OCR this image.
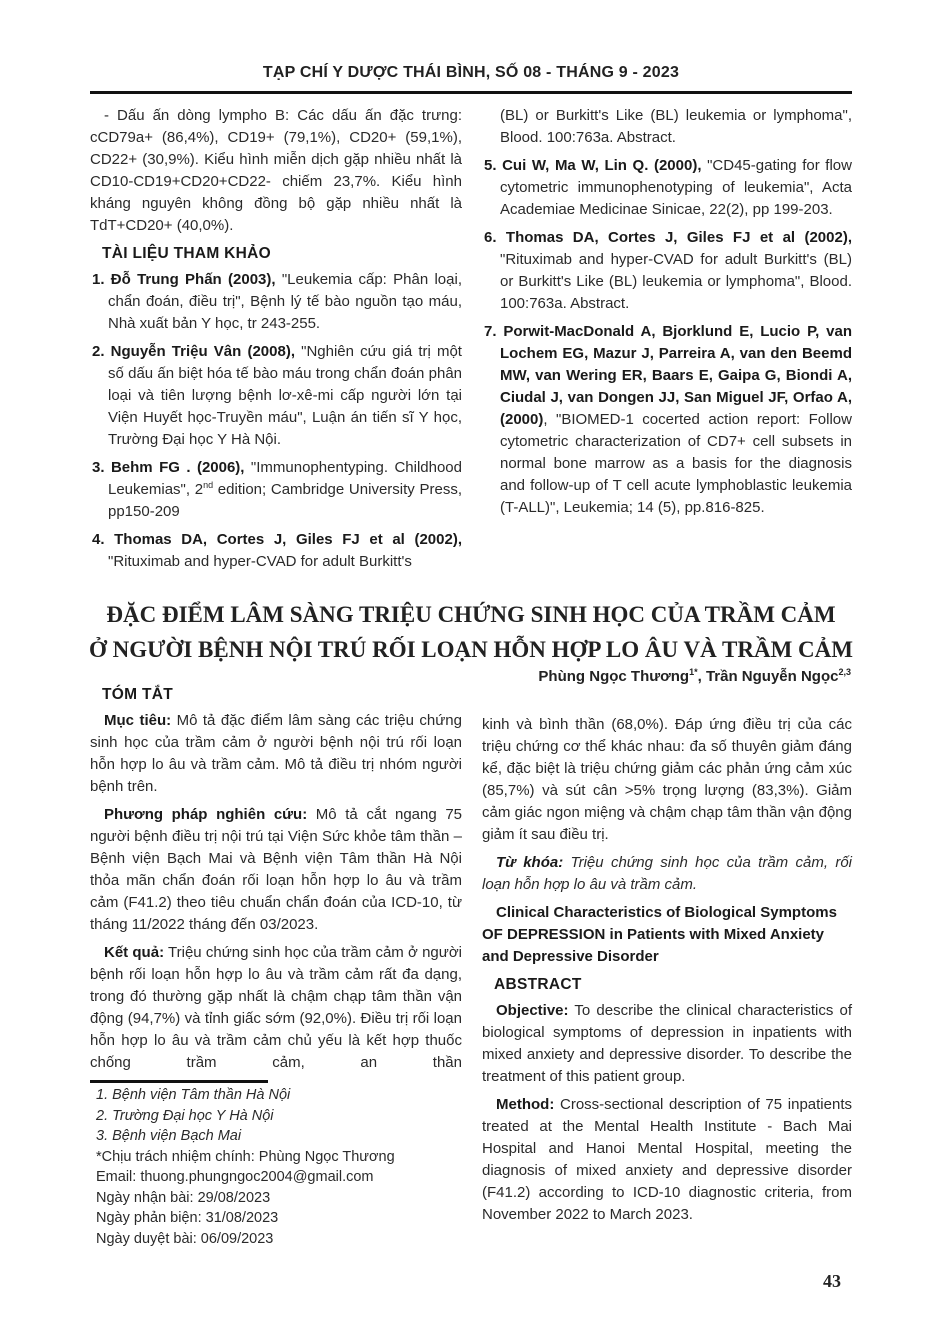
TẠP CHÍ Y DƯỢC THÁI BÌNH, SỐ 08 - THÁNG 9 - 2023

- Dấu ấn dòng lympho B: Các dấu ấn đặc trưng: cCD79a+ (86,4%), CD19+ (79,1%), CD20+ (59,1%), CD22+ (30,9%). Kiểu hình miễn dịch gặp nhiều nhất là CD10-CD19+CD20+CD22- chiếm 23,7%. Kiểu hình kháng nguyên không đồng bộ gặp nhiều nhất là TdT+CD20+ (40,0%).

TÀI LIỆU THAM KHẢO

1. Đỗ Trung Phấn (2003), "Leukemia cấp: Phân loại, chẩn đoán, điều trị", Bệnh lý tế bào nguồn tạo máu, Nhà xuất bản Y học, tr 243-255.

2. Nguyễn Triệu Vân (2008), "Nghiên cứu giá trị một số dấu ấn biệt hóa tế bào máu trong chẩn đoán phân loại và tiên lượng bệnh lơ-xê-mi cấp người lớn tại Viện Huyết học-Truyền máu", Luận án tiến sĩ Y học, Trường Đại học Y Hà Nội.

3. Behm FG . (2006), "Immunophentyping. Childhood Leukemias", 2nd edition; Cambridge University Press, pp150-209

4. Thomas DA, Cortes J, Giles FJ et al (2002), "Rituximab and hyper-CVAD for adult Burkitt's

(BL) or Burkitt's Like (BL) leukemia or lymphoma", Blood. 100:763a. Abstract.

5. Cui W, Ma W, Lin Q. (2000), "CD45-gating for flow cytometric immunophenotyping of leukemia", Acta Academiae Medicinae Sinicae, 22(2), pp 199-203.

6. Thomas DA, Cortes J, Giles FJ et al (2002), "Rituximab and hyper-CVAD for adult Burkitt's (BL) or Burkitt's Like (BL) leukemia or lymphoma", Blood. 100:763a. Abstract.

7. Porwit-MacDonald A, Bjorklund E, Lucio P, van Lochem EG, Mazur J, Parreira A, van den Beemd MW, van Wering ER, Baars E, Gaipa G, Biondi A, Ciudal J, van Dongen JJ, San Miguel JF, Orfao A, (2000), "BIOMED-1 cocerted action report: Follow cytometric characterization of CD7+ cell subsets in normal bone marrow as a basis for the diagnosis and follow-up of T cell acute lymphoblastic leukemia (T-ALL)", Leukemia; 14 (5), pp.816-825.

ĐẶC ĐIỂM LÂM SÀNG TRIỆU CHỨNG SINH HỌC CỦA TRẦM CẢM
Ở NGƯỜI BỆNH NỘI TRÚ RỐI LOẠN HỖN HỢP LO ÂU VÀ TRẦM CẢM
Phùng Ngọc Thương$^{1*}$, Trần Nguyễn Ngọc$^{2,3}$
TÓM TẮT

Mục tiêu: Mô tả đặc điểm lâm sàng các triệu chứng sinh học của trầm cảm ở người bệnh nội trú rối loạn hỗn hợp lo âu và trầm cảm. Mô tả điều trị nhóm người bệnh trên.

Phương pháp nghiên cứu: Mô tả cắt ngang 75 người bệnh điều trị nội trú tại Viện Sức khỏe tâm thần – Bệnh viện Bạch Mai và Bệnh viện Tâm thần Hà Nội thỏa mãn chẩn đoán rối loạn hỗn hợp lo âu và trầm cảm (F41.2) theo tiêu chuẩn chẩn đoán của ICD-10, từ tháng 11/2022 tháng đến 03/2023.

Kết quả: Triệu chứng sinh học của trầm cảm ở người bệnh rối loạn hỗn hợp lo âu và trầm cảm rất đa dạng, trong đó thường gặp nhất là chậm chạp tâm thần vận động (94,7%) và tỉnh giấc sớm (92,0%). Điều trị rối loạn hỗn hợp lo âu và trầm cảm chủ yếu là kết hợp thuốc chống trầm cảm, an thần

1. Bệnh viện Tâm thần Hà Nội
2. Trường Đại học Y Hà Nội
3. Bệnh viện Bạch Mai
*Chịu trách nhiệm chính: Phùng Ngọc Thương
Email: thuong.phungngoc2004@gmail.com
Ngày nhận bài: 29/08/2023
Ngày phản biện: 31/08/2023
Ngày duyệt bài: 06/09/2023

kinh và bình thần (68,0%). Đáp ứng điều trị của các triệu chứng cơ thể khác nhau: đa số thuyên giảm đáng kể, đặc biệt là triệu chứng giảm các phản ứng cảm xúc (85,7%) và sút cân >5% trọng lượng (83,3%). Giảm cảm giác ngon miệng và chậm chạp tâm thần vận động giảm ít sau điều trị.

Từ khóa: Triệu chứng sinh học của trầm cảm, rối loạn hỗn hợp lo âu và trầm cảm.

Clinical Characteristics of Biological Symptoms OF DEPRESSION in Patients with Mixed Anxiety and Depressive Disorder

ABSTRACT

Objective: To describe the clinical characteristics of biological symptoms of depression in inpatients with mixed anxiety and depressive disorder. To describe the treatment of this patient group.

Method: Cross-sectional description of 75 inpatients treated at the Mental Health Institute - Bach Mai Hospital and Hanoi Mental Hospital, meeting the diagnosis of mixed anxiety and depressive disorder (F41.2) according to ICD-10 diagnostic criteria, from November 2022 to March 2023.

43
